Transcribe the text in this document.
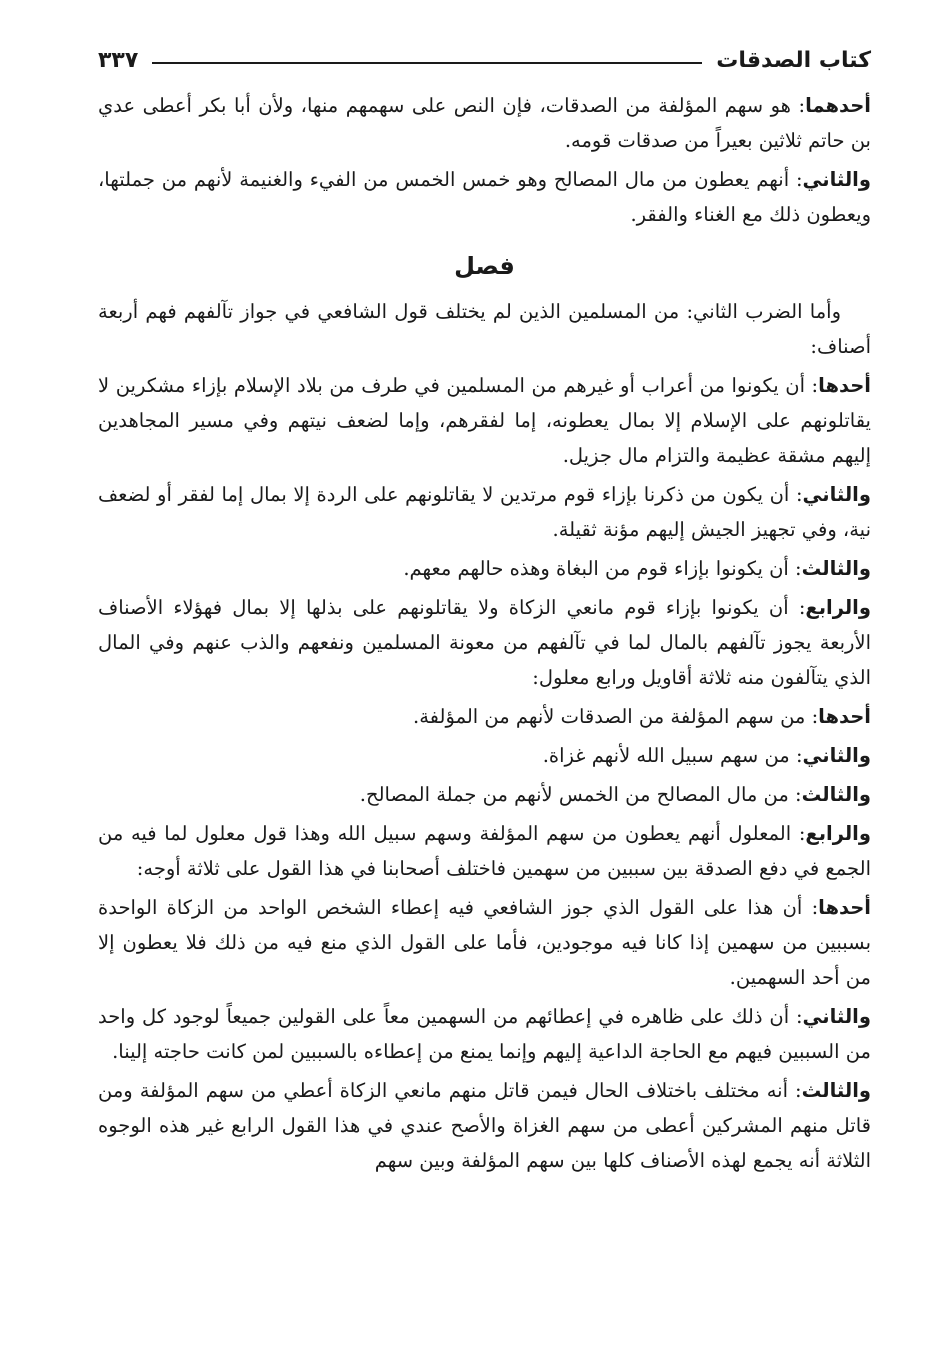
كتاب الصدقات
٣٣٧

أحدهما: هو سهم المؤلفة من الصدقات، فإن النص على سهمهم منها، ولأن أبا بكر أعطى عدي بن حاتم ثلاثين بعيراً من صدقات قومه.

والثاني: أنهم يعطون من مال المصالح وهو خمس الخمس من الفيء والغنيمة لأنهم من جملتها، ويعطون ذلك مع الغناء والفقر.

فصل

وأما الضرب الثاني: من المسلمين الذين لم يختلف قول الشافعي في جواز تآلفهم فهم أربعة أصناف:

أحدها: أن يكونوا من أعراب أو غيرهم من المسلمين في طرف من بلاد الإسلام بإزاء مشكرين لا يقاتلونهم على الإسلام إلا بمال يعطونه، إما لفقرهم، وإما لضعف نيتهم وفي مسير المجاهدين إليهم مشقة عظيمة والتزام مال جزيل.

والثاني: أن يكون من ذكرنا بإزاء قوم مرتدين لا يقاتلونهم على الردة إلا بمال إما لفقر أو لضعف نية، وفي تجهيز الجيش إليهم مؤنة ثقيلة.

والثالث: أن يكونوا بإزاء قوم من البغاة وهذه حالهم معهم.

والرابع: أن يكونوا بإزاء قوم مانعي الزكاة ولا يقاتلونهم على بذلها إلا بمال فهؤلاء الأصناف الأربعة يجوز تآلفهم بالمال لما في تآلفهم من معونة المسلمين ونفعهم والذب عنهم وفي المال الذي يتآلفون منه ثلاثة أقاويل ورابع معلول:

أحدها: من سهم المؤلفة من الصدقات لأنهم من المؤلفة.

والثاني: من سهم سبيل الله لأنهم غزاة.

والثالث: من مال المصالح من الخمس لأنهم من جملة المصالح.

والرابع: المعلول أنهم يعطون من سهم المؤلفة وسهم سبيل الله وهذا قول معلول لما فيه من الجمع في دفع الصدقة بين سببين من سهمين فاختلف أصحابنا في هذا القول على ثلاثة أوجه:

أحدها: أن هذا على القول الذي جوز الشافعي فيه إعطاء الشخص الواحد من الزكاة الواحدة بسببين من سهمين إذا كانا فيه موجودين، فأما على القول الذي منع فيه من ذلك فلا يعطون إلا من أحد السهمين.

والثاني: أن ذلك على ظاهره في إعطائهم من السهمين معاً على القولين جميعاً لوجود كل واحد من السببين فيهم مع الحاجة الداعية إليهم وإنما يمنع من إعطاءه بالسببين لمن كانت حاجته إلينا.

والثالث: أنه مختلف باختلاف الحال فيمن قاتل منهم مانعي الزكاة أعطي من سهم المؤلفة ومن قاتل منهم المشركين أعطى من سهم الغزاة والأصح عندي في هذا القول الرابع غير هذه الوجوه الثلاثة أنه يجمع لهذه الأصناف كلها بين سهم المؤلفة وبين سهم
